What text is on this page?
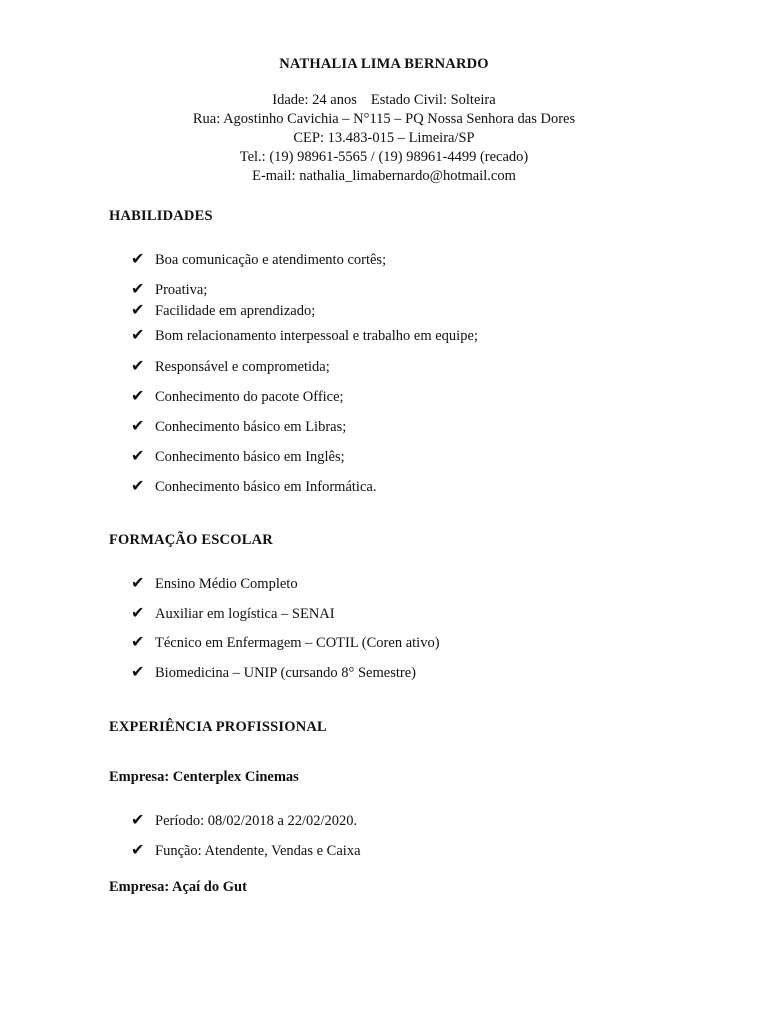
NATHALIA LIMA BERNARDO

Idade: 24 anos Estado Civil: Solteira

Rua: Agostinho Cavichia – N°115 – PQ Nossa Senhora das Dores

CEP: 13.483-015 – Limeira/SP

Tel.: (19) 98961-5565 / (19) 98961-4499 (recado)

E-mail: nathalia_limabernardo@hotmail.com

HABILIDADES

✔ Boa comunicação e atendimento cortês;
✔ Proativa;
✔ Facilidade em aprendizado;
✔ Bom relacionamento interpessoal e trabalho em equipe;
✔ Responsável e comprometida;
✔ Conhecimento do pacote Office;
✔ Conhecimento básico em Libras;
✔ Conhecimento básico em Inglês;
✔ Conhecimento básico em Informática.

FORMAÇÃO ESCOLAR

✔ Ensino Médio Completo
✔ Auxiliar em logística – SENAI
✔ Técnico em Enfermagem – COTIL (Coren ativo)
✔ Biomedicina – UNIP (cursando 8° Semestre)

EXPERIÊNCIA PROFISSIONAL

Empresa: Centerplex Cinemas

✔ Período: 08/02/2018 a 22/02/2020.
✔ Função: Atendente, Vendas e Caixa

Empresa: Açaí do Gut
